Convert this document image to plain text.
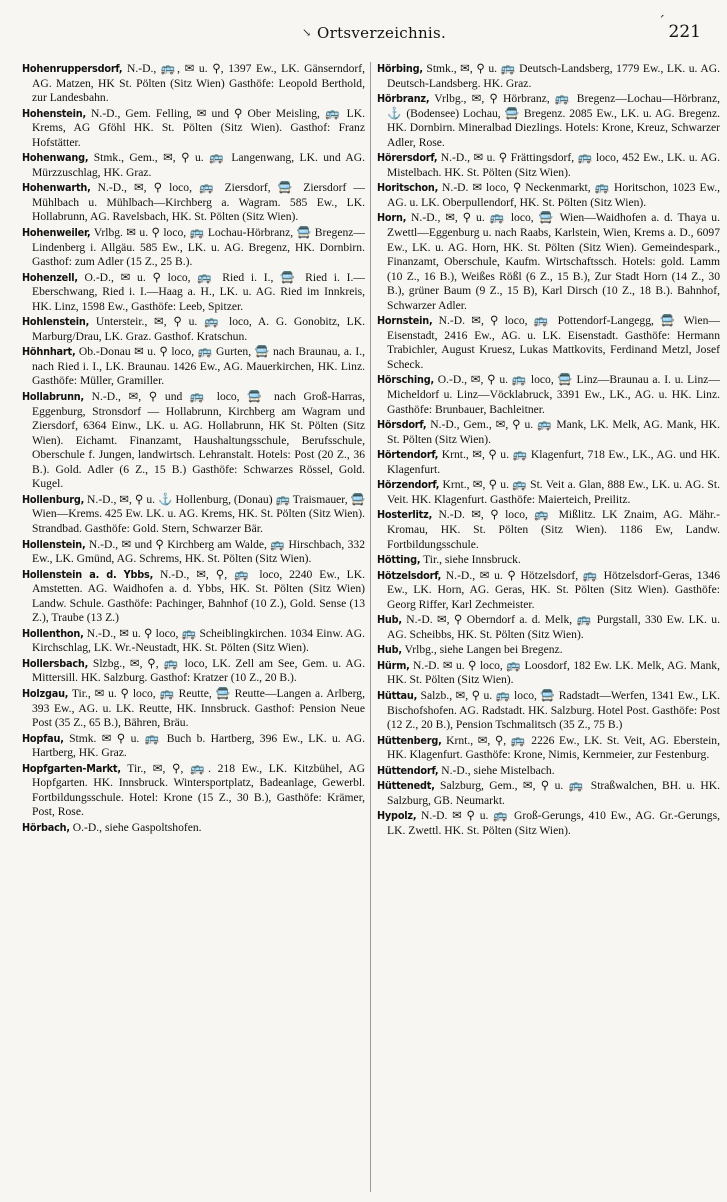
↘ Ortsverzeichnis.
ˊ 221

Hohenruppersdorf, N.-D., 🚌, ✉ u. ⚲, 1397 Ew., LK. Gänserndorf, AG. Matzen, HK St. Pölten (Sitz Wien) Gasthöfe: Leopold Berthold, zur Landesbahn.

Hohenstein, N.-D., Gem. Felling, ✉ und ⚲ Ober Meisling, 🚌 LK. Krems, AG Gföhl HK. St. Pölten (Sitz Wien). Gasthof: Franz Hofstätter.

Hohenwang, Stmk., Gem., ✉, ⚲ u. 🚌 Langenwang, LK. und AG. Mürzzuschlag, HK. Graz.

Hohenwarth, N.-D., ✉, ⚲ loco, 🚌 Ziersdorf, 🚍 Ziersdorf — Mühlbach u. Mühlbach—Kirchberg a. Wagram. 585 Ew., LK. Hollabrunn, AG. Ravelsbach, HK. St. Pölten (Sitz Wien).

Hohenweiler, Vrlbg. ✉ u. ⚲ loco, 🚌 Lochau-Hörbranz, 🚍 Bregenz—Lindenberg i. Allgäu. 585 Ew., LK. u. AG. Bregenz, HK. Dornbirn. Gasthof: zum Adler (15 Z., 25 B.).

Hohenzell, O.-D., ✉ u. ⚲ loco, 🚌 Ried i. I., 🚍 Ried i. I.—Eberschwang, Ried i. I.—Haag a. H., LK. u. AG. Ried im Innkreis, HK. Linz, 1598 Ew., Gasthöfe: Leeb, Spitzer.

Hohlenstein, Untersteir., ✉, ⚲ u. 🚌 loco, A. G. Gonobitz, LK. Marburg/Drau, LK. Graz. Gasthof. Kratschun.

Höhnhart, Ob.-Donau ✉ u. ⚲ loco, 🚌 Gurten, 🚍 nach Braunau, a. I., nach Ried i. I., LK. Braunau. 1426 Ew., AG. Mauerkirchen, HK. Linz. Gasthöfe: Müller, Gramiller.

Hollabrunn, N.-D., ✉, ⚲ und 🚌 loco, 🚍 nach Groß-Harras, Eggenburg, Stronsdorf — Hollabrunn, Kirchberg am Wagram und Ziersdorf, 6364 Einw., LK. u. AG. Hollabrunn, HK St. Pölten (Sitz Wien). Eichamt. Finanzamt, Haushaltungsschule, Berufsschule, Oberschule f. Jungen, landwirtsch. Lehranstalt. Hotels: Post (20 Z., 36 B.). Gold. Adler (6 Z., 15 B.) Gasthöfe: Schwarzes Rössel, Gold. Kugel.

Hollenburg, N.-D., ✉, ⚲ u. ⚓ Hollenburg, (Donau) 🚌 Traismauer, 🚍 Wien—Krems. 425 Ew. LK. u. AG. Krems, HK. St. Pölten (Sitz Wien). Strandbad. Gasthöfe: Gold. Stern, Schwarzer Bär.

Hollenstein, N.-D., ✉ und ⚲ Kirchberg am Walde, 🚌 Hirschbach, 332 Ew., LK. Gmünd, AG. Schrems, HK. St. Pölten (Sitz Wien).

Hollenstein a. d. Ybbs, N.-D., ✉, ⚲, 🚌 loco, 2240 Ew., LK. Amstetten. AG. Waidhofen a. d. Ybbs, HK. St. Pölten (Sitz Wien) Landw. Schule. Gasthöfe: Pachinger, Bahnhof (10 Z.), Gold. Sense (13 Z.), Traube (13 Z.)

Hollenthon, N.-D., ✉ u. ⚲ loco, 🚌 Scheiblingkirchen. 1034 Einw. AG. Kirchschlag, LK. Wr.-Neustadt, HK. St. Pölten (Sitz Wien).

Hollersbach, Slzbg., ✉, ⚲, 🚌 loco, LK. Zell am See, Gem. u. AG. Mittersill. HK. Salzburg. Gasthof: Kratzer (10 Z., 20 B.).

Holzgau, Tir., ✉ u. ⚲ loco, 🚌 Reutte, 🚍 Reutte—Langen a. Arlberg, 393 Ew., AG. u. LK. Reutte, HK. Innsbruck. Gasthof: Pension Neue Post (35 Z., 65 B.), Bähren, Bräu.

Hopfau, Stmk. ✉ ⚲ u. 🚌 Buch b. Hartberg, 396 Ew., LK. u. AG. Hartberg, HK. Graz.

Hopfgarten-Markt, Tir., ✉, ⚲, 🚌. 218 Ew., LK. Kitzbühel, AG Hopfgarten. HK. Innsbruck. Wintersportplatz, Badeanlage, Gewerbl. Fortbildungsschule. Hotel: Krone (15 Z., 30 B.), Gasthöfe: Krämer, Post, Rose.

Hörbach, O.-D., siehe Gaspoltshofen.

Hörbing, Stmk., ✉, ⚲ u. 🚌 Deutsch-Landsberg, 1779 Ew., LK. u. AG. Deutsch-Landsberg. HK. Graz.

Hörbranz, Vrlbg., ✉, ⚲ Hörbranz, 🚌 Bregenz—Lochau—Hörbranz, ⚓ (Bodensee) Lochau, 🚍 Bregenz. 2085 Ew., LK. u. AG. Bregenz. HK. Dornbirn. Mineralbad Diezlings. Hotels: Krone, Kreuz, Schwarzer Adler, Rose.

Hörersdorf, N.-D., ✉ u. ⚲ Frättingsdorf, 🚌 loco, 452 Ew., LK. u. AG. Mistelbach. HK. St. Pölten (Sitz Wien).

Horitschon, N.-D. ✉ loco, ⚲ Neckenmarkt, 🚌 Horitschon, 1023 Ew., AG. u. LK. Oberpullendorf, HK. St. Pölten (Sitz Wien).

Horn, N.-D., ✉, ⚲ u. 🚌 loco, 🚍 Wien—Waidhofen a. d. Thaya u. Zwettl—Eggenburg u. nach Raabs, Karlstein, Wien, Krems a. D., 6097 Ew., LK. u. AG. Horn, HK. St. Pölten (Sitz Wien). Gemeindespark., Finanzamt, Oberschule, Kaufm. Wirtschaftssch. Hotels: gold. Lamm (10 Z., 16 B.), Weißes Rößl (6 Z., 15 B.), Zur Stadt Horn (14 Z., 30 B.), grüner Baum (9 Z., 15 B), Karl Dirsch (10 Z., 18 B.). Bahnhof, Schwarzer Adler.

Hornstein, N.-D. ✉, ⚲ loco, 🚌 Pottendorf-Langegg, 🚍 Wien—Eisenstadt, 2416 Ew., AG. u. LK. Eisenstadt. Gasthöfe: Hermann Trabichler, August Kruesz, Lukas Mattkovits, Ferdinand Metzl, Josef Scheck.

Hörsching, O.-D., ✉, ⚲ u. 🚌 loco, 🚍 Linz—Braunau a. I. u. Linz—Micheldorf u. Linz—Vöcklabruck, 3391 Ew., LK., AG. u. HK. Linz. Gasthöfe: Brunbauer, Bachleitner.

Hörsdorf, N.-D., Gem., ✉, ⚲ u. 🚌 Mank, LK. Melk, AG. Mank, HK. St. Pölten (Sitz Wien).

Hörtendorf, Krnt., ✉, ⚲ u. 🚌 Klagenfurt, 718 Ew., LK., AG. und HK. Klagenfurt.

Hörzendorf, Krnt., ✉, ⚲ u. 🚌 St. Veit a. Glan, 888 Ew., LK. u. AG. St. Veit. HK. Klagenfurt. Gasthöfe: Maierteich, Preilitz.

Hosterlitz, N.-D. ✉, ⚲ loco, 🚌 Mißlitz. LK Znaim, AG. Mähr.-Kromau, HK. St. Pölten (Sitz Wien). 1186 Ew, Landw. Fortbildungsschule.

Hötting, Tir., siehe Innsbruck.

Hötzelsdorf, N.-D., ✉ u. ⚲ Hötzelsdorf, 🚌 Hötzelsdorf-Geras, 1346 Ew., LK. Horn, AG. Geras, HK. St. Pölten (Sitz Wien). Gasthöfe: Georg Riffer, Karl Zechmeister.

Hub, N.-D. ✉, ⚲ Oberndorf a. d. Melk, 🚌 Purgstall, 330 Ew. LK. u. AG. Scheibbs, HK. St. Pölten (Sitz Wien).

Hub, Vrlbg., siehe Langen bei Bregenz.

Hürm, N.-D. ✉ u. ⚲ loco, 🚌 Loosdorf, 182 Ew. LK. Melk, AG. Mank, HK. St. Pölten (Sitz Wien).

Hüttau, Salzb., ✉, ⚲ u. 🚌 loco, 🚍 Radstadt—Werfen, 1341 Ew., LK. Bischofshofen. AG. Radstadt. HK. Salzburg. Hotel Post. Gasthöfe: Post (12 Z., 20 B.), Pension Tschmalitsch (35 Z., 75 B.)

Hüttenberg, Krnt., ✉, ⚲, 🚌 2226 Ew., LK. St. Veit, AG. Eberstein, HK. Klagenfurt. Gasthöfe: Krone, Nimis, Kernmeier, zur Festenburg.

Hüttendorf, N.-D., siehe Mistelbach.

Hüttenedt, Salzburg, Gem., ✉, ⚲ u. 🚌 Straßwalchen, BH. u. HK. Salzburg, GB. Neumarkt.

Hypolz, N.-D. ✉ ⚲ u. 🚌 Groß-Gerungs, 410 Ew., AG. Gr.-Gerungs, LK. Zwettl. HK. St. Pölten (Sitz Wien).
